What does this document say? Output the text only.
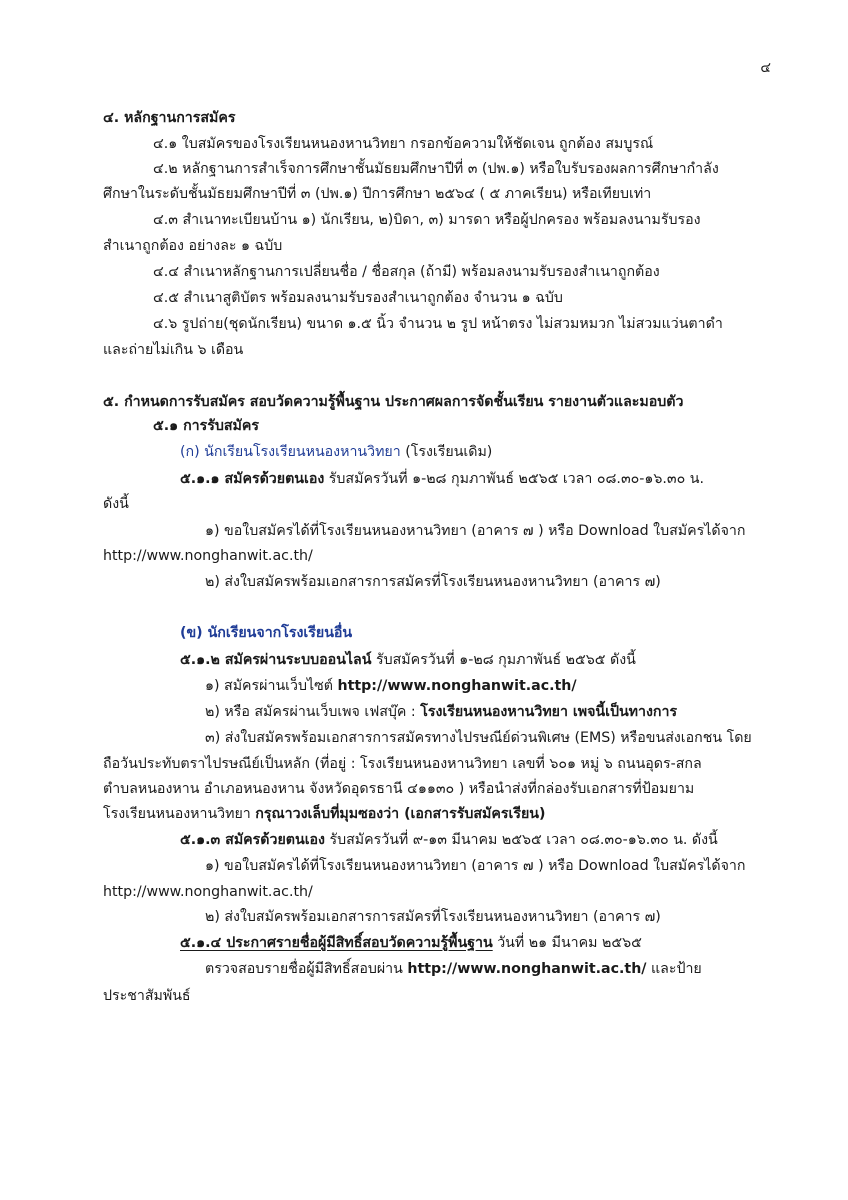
๔
๔. หลักฐานการสมัคร
๔.๑ ใบสมัครของโรงเรียนหนองหานวิทยา กรอกข้อความให้ชัดเจน ถูกต้อง สมบูรณ์
๔.๒ หลักฐานการสำเร็จการศึกษาชั้นมัธยมศึกษาปีที่ ๓ (ปพ.๑) หรือใบรับรองผลการศึกษากำลัง
ศึกษาในระดับชั้นมัธยมศึกษาปีที่ ๓ (ปพ.๑) ปีการศึกษา ๒๕๖๔ ( ๕ ภาคเรียน) หรือเทียบเท่า
๔.๓ สำเนาทะเบียนบ้าน ๑) นักเรียน, ๒)บิดา, ๓) มารดา หรือผู้ปกครอง พร้อมลงนามรับรอง
สำเนาถูกต้อง อย่างละ ๑ ฉบับ
๔.๔ สำเนาหลักฐานการเปลี่ยนชื่อ / ชื่อสกุล (ถ้ามี) พร้อมลงนามรับรองสำเนาถูกต้อง
๔.๕ สำเนาสูติบัตร พร้อมลงนามรับรองสำเนาถูกต้อง จำนวน ๑ ฉบับ
๔.๖ รูปถ่าย(ชุดนักเรียน) ขนาด ๑.๕ นิ้ว จำนวน ๒ รูป หน้าตรง ไม่สวมหมวก ไม่สวมแว่นตาดำ
และถ่ายไม่เกิน ๖ เดือน
๕. กำหนดการรับสมัคร สอบวัดความรู้พื้นฐาน ประกาศผลการจัดชั้นเรียน รายงานตัวและมอบตัว
๕.๑ การรับสมัคร
(ก) นักเรียนโรงเรียนหนองหานวิทยา (โรงเรียนเดิม)
๕.๑.๑ สมัครด้วยตนเอง รับสมัครวันที่ ๑-๒๘ กุมภาพันธ์ ๒๕๖๕ เวลา ๐๘.๓๐-๑๖.๓๐ น.
ดังนี้
๑) ขอใบสมัครได้ที่โรงเรียนหนองหานวิทยา (อาคาร ๗ ) หรือ Download ใบสมัครได้จาก
http://www.nonghanwit.ac.th/
๒) ส่งใบสมัครพร้อมเอกสารการสมัครที่โรงเรียนหนองหานวิทยา (อาคาร ๗)
(ข) นักเรียนจากโรงเรียนอื่น
๕.๑.๒ สมัครผ่านระบบออนไลน์ รับสมัครวันที่ ๑-๒๘ กุมภาพันธ์ ๒๕๖๕ ดังนี้
๑) สมัครผ่านเว็บไซต์ http://www.nonghanwit.ac.th/
๒) หรือ สมัครผ่านเว็บเพจ เฟสบุ๊ค : โรงเรียนหนองหานวิทยา เพจนี้เป็นทางการ
๓) ส่งใบสมัครพร้อมเอกสารการสมัครทางไปรษณีย์ด่วนพิเศษ (EMS) หรือขนส่งเอกชน โดย
ถือวันประทับตราไปรษณีย์เป็นหลัก (ที่อยู่ : โรงเรียนหนองหานวิทยา เลขที่ ๖๐๑ หมู่ ๖ ถนนอุดร-สกล
ตำบลหนองหาน อำเภอหนองหาน จังหวัดอุดรธานี ๔๑๑๓๐ ) หรือนำส่งที่กล่องรับเอกสารที่ป้อมยาม
โรงเรียนหนองหานวิทยา กรุณาวงเล็บที่มุมซองว่า (เอกสารรับสมัครเรียน)
๕.๑.๓ สมัครด้วยตนเอง รับสมัครวันที่ ๙-๑๓ มีนาคม ๒๕๖๕ เวลา ๐๘.๓๐-๑๖.๓๐ น. ดังนี้
๑) ขอใบสมัครได้ที่โรงเรียนหนองหานวิทยา (อาคาร ๗ ) หรือ Download ใบสมัครได้จาก
http://www.nonghanwit.ac.th/
๒) ส่งใบสมัครพร้อมเอกสารการสมัครที่โรงเรียนหนองหานวิทยา (อาคาร ๗)
๕.๑.๔ ประกาศรายชื่อผู้มีสิทธิ์สอบวัดความรู้พื้นฐาน วันที่ ๒๑ มีนาคม ๒๕๖๕
ตรวจสอบรายชื่อผู้มีสิทธิ์สอบผ่าน http://www.nonghanwit.ac.th/ และป้าย
ประชาสัมพันธ์
